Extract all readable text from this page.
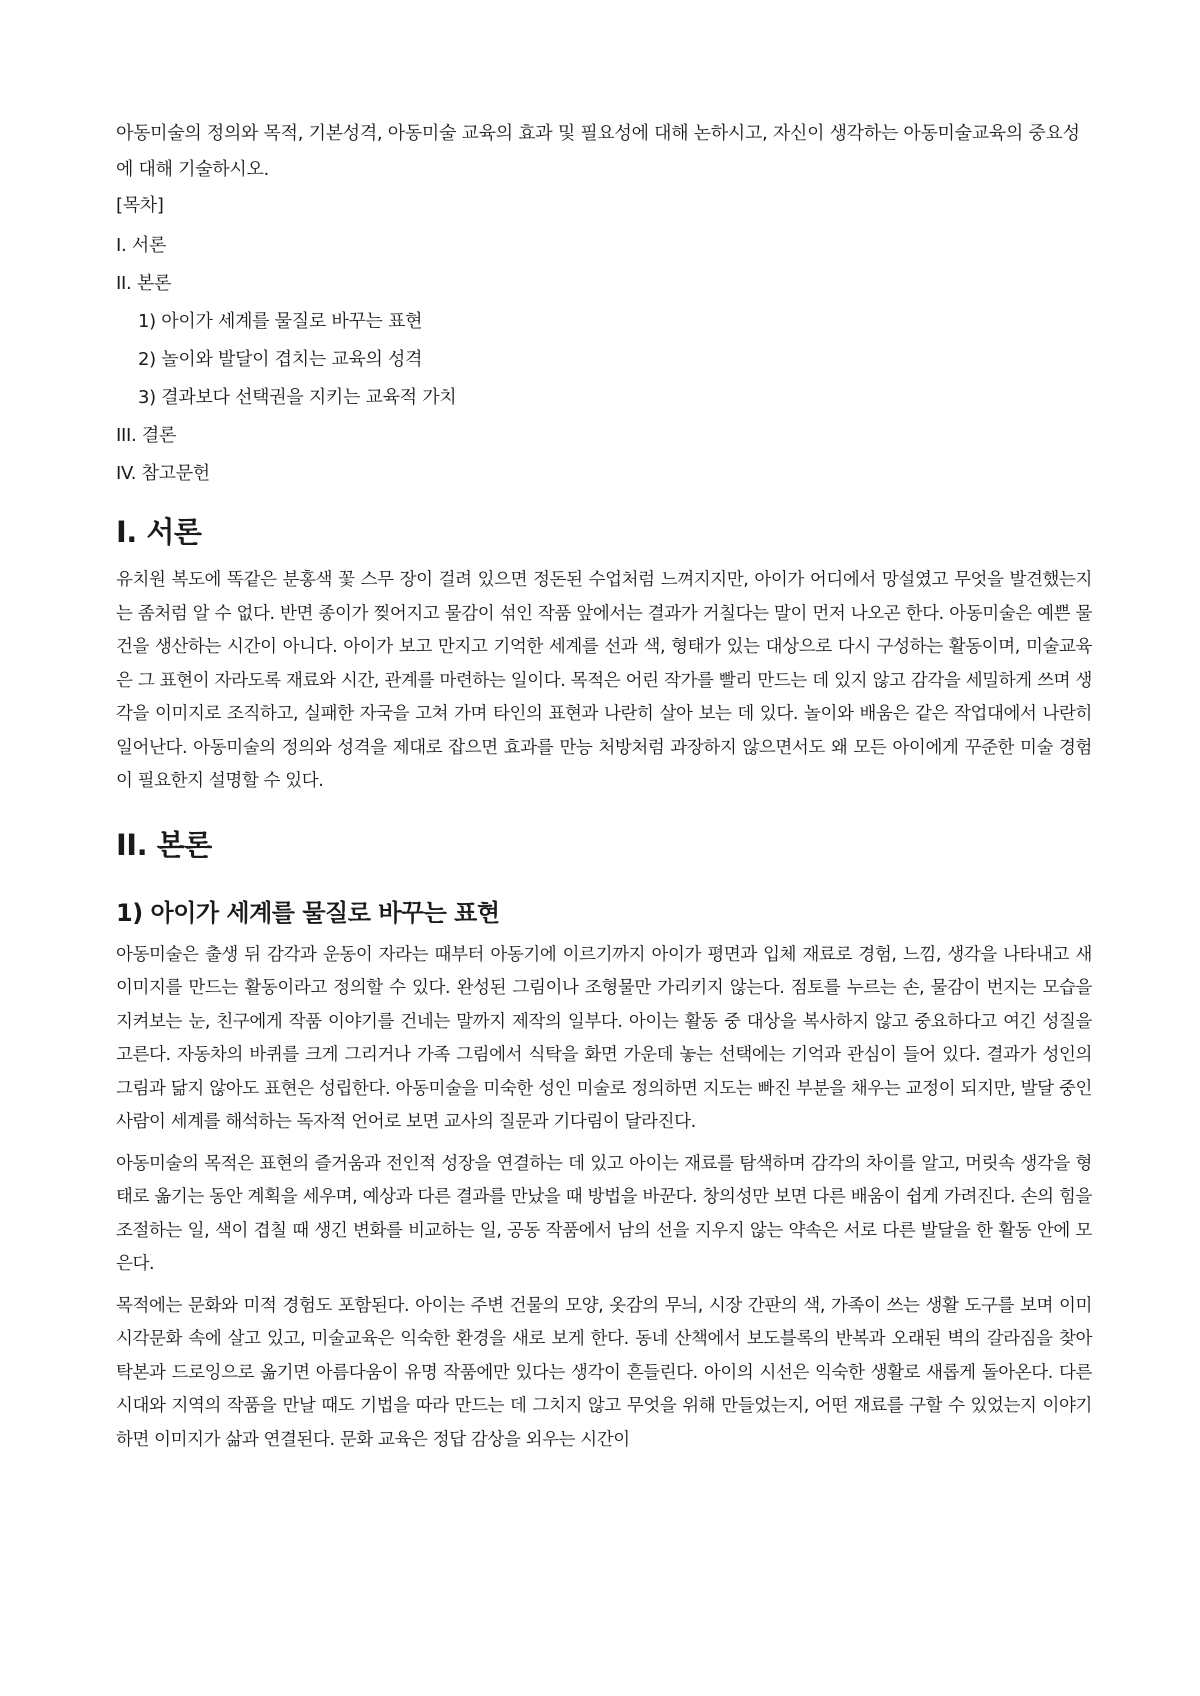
아동미술의 정의와 목적, 기본성격, 아동미술 교육의 효과 및 필요성에 대해 논하시고, 자신이 생각하는 아동미술교육의 중요성에 대해 기술하시오.

[목차]
I. 서론
II. 본론
1) 아이가 세계를 물질로 바꾸는 표현
2) 놀이와 발달이 겹치는 교육의 성격
3) 결과보다 선택권을 지키는 교육적 가치
III. 결론
IV. 참고문헌
I. 서론

유치원 복도에 똑같은 분홍색 꽃 스무 장이 걸려 있으면 정돈된 수업처럼 느껴지지만, 아이가 어디에서 망설였고 무엇을 발견했는지는 좀처럼 알 수 없다. 반면 종이가 찢어지고 물감이 섞인 작품 앞에서는 결과가 거칠다는 말이 먼저 나오곤 한다. 아동미술은 예쁜 물건을 생산하는 시간이 아니다. 아이가 보고 만지고 기억한 세계를 선과 색, 형태가 있는 대상으로 다시 구성하는 활동이며, 미술교육은 그 표현이 자라도록 재료와 시간, 관계를 마련하는 일이다. 목적은 어린 작가를 빨리 만드는 데 있지 않고 감각을 세밀하게 쓰며 생각을 이미지로 조직하고, 실패한 자국을 고쳐 가며 타인의 표현과 나란히 살아 보는 데 있다. 놀이와 배움은 같은 작업대에서 나란히 일어난다. 아동미술의 정의와 성격을 제대로 잡으면 효과를 만능 처방처럼 과장하지 않으면서도 왜 모든 아이에게 꾸준한 미술 경험이 필요한지 설명할 수 있다.

II. 본론
1) 아이가 세계를 물질로 바꾸는 표현

아동미술은 출생 뒤 감각과 운동이 자라는 때부터 아동기에 이르기까지 아이가 평면과 입체 재료로 경험, 느낌, 생각을 나타내고 새 이미지를 만드는 활동이라고 정의할 수 있다. 완성된 그림이나 조형물만 가리키지 않는다. 점토를 누르는 손, 물감이 번지는 모습을 지켜보는 눈, 친구에게 작품 이야기를 건네는 말까지 제작의 일부다. 아이는 활동 중 대상을 복사하지 않고 중요하다고 여긴 성질을 고른다. 자동차의 바퀴를 크게 그리거나 가족 그림에서 식탁을 화면 가운데 놓는 선택에는 기억과 관심이 들어 있다. 결과가 성인의 그림과 닮지 않아도 표현은 성립한다. 아동미술을 미숙한 성인 미술로 정의하면 지도는 빠진 부분을 채우는 교정이 되지만, 발달 중인 사람이 세계를 해석하는 독자적 언어로 보면 교사의 질문과 기다림이 달라진다.

아동미술의 목적은 표현의 즐거움과 전인적 성장을 연결하는 데 있고 아이는 재료를 탐색하며 감각의 차이를 알고, 머릿속 생각을 형태로 옮기는 동안 계획을 세우며, 예상과 다른 결과를 만났을 때 방법을 바꾼다. 창의성만 보면 다른 배움이 쉽게 가려진다. 손의 힘을 조절하는 일, 색이 겹칠 때 생긴 변화를 비교하는 일, 공동 작품에서 남의 선을 지우지 않는 약속은 서로 다른 발달을 한 활동 안에 모은다.

목적에는 문화와 미적 경험도 포함된다. 아이는 주변 건물의 모양, 옷감의 무늬, 시장 간판의 색, 가족이 쓰는 생활 도구를 보며 이미 시각문화 속에 살고 있고, 미술교육은 익숙한 환경을 새로 보게 한다. 동네 산책에서 보도블록의 반복과 오래된 벽의 갈라짐을 찾아 탁본과 드로잉으로 옮기면 아름다움이 유명 작품에만 있다는 생각이 흔들린다. 아이의 시선은 익숙한 생활로 새롭게 돌아온다. 다른 시대와 지역의 작품을 만날 때도 기법을 따라 만드는 데 그치지 않고 무엇을 위해 만들었는지, 어떤 재료를 구할 수 있었는지 이야기하면 이미지가 삶과 연결된다. 문화 교육은 정답 감상을 외우는 시간이
